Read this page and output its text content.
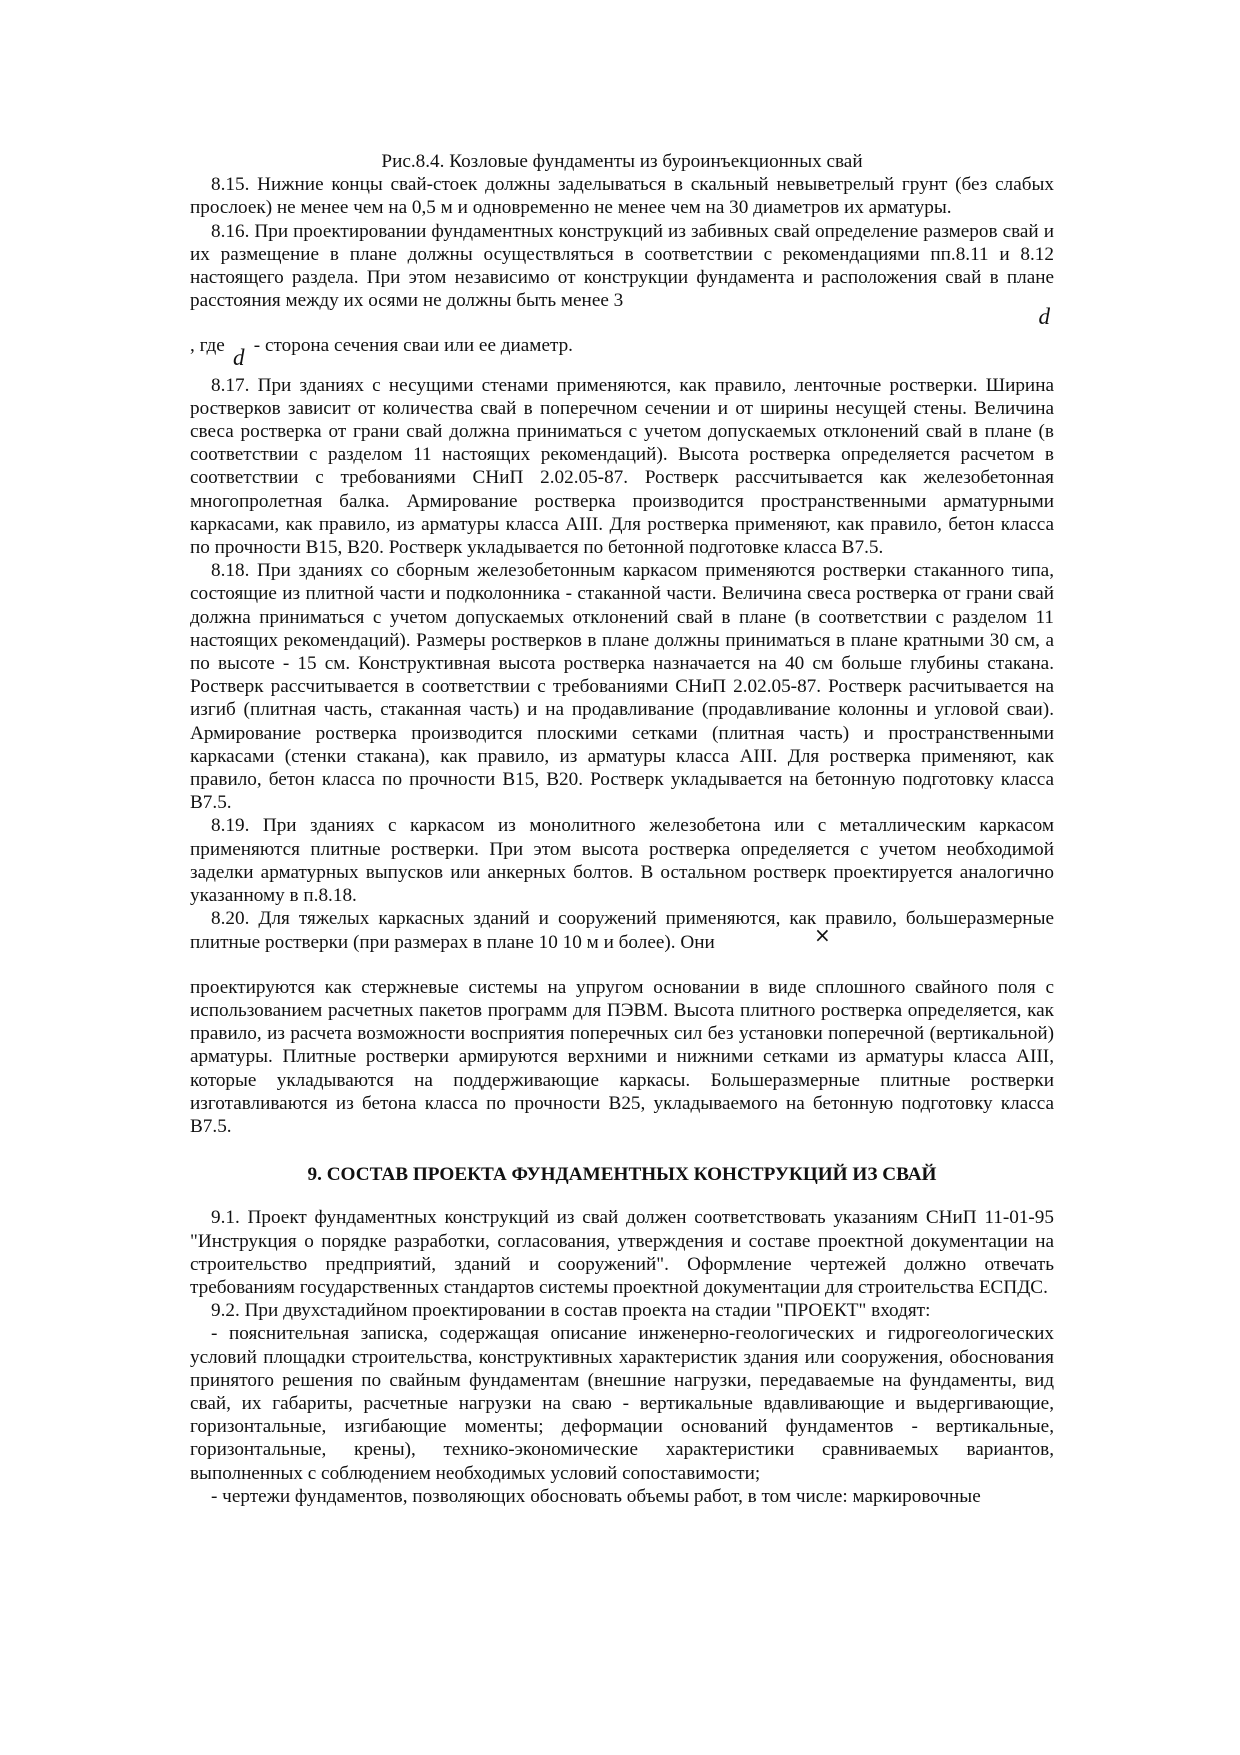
Рис.8.4. Козловые фундаменты из буроинъекционных свай

8.15. Нижние концы свай-стоек должны заделываться в скальный невыветрелый грунт (без слабых прослоек) не менее чем на 0,5 м и одновременно не менее чем на 30 диаметров их арматуры.

8.16. При проектировании фундаментных конструкций из забивных свай определение размеров свай и их размещение в плане должны осуществляться в соответствии с рекомендациями пп.8.11 и 8.12 настоящего раздела. При этом независимо от конструкции фундамента и расположения свай в плане расстояния между их осями не должны быть менее 3

d
, где - сторона сечения сваи или ее диаметр.
d

8.17. При зданиях с несущими стенами применяются, как правило, ленточные ростверки. Ширина ростверков зависит от количества свай в поперечном сечении и от ширины несущей стены. Величина свеса ростверка от грани свай должна приниматься с учетом допускаемых отклонений свай в плане (в соответствии с разделом 11 настоящих рекомендаций). Высота ростверка определяется расчетом в соответствии с требованиями СНиП 2.02.05-87. Ростверк рассчитывается как железобетонная многопролетная балка. Армирование ростверка производится пространственными арматурными каркасами, как правило, из арматуры класса АIII. Для ростверка применяют, как правило, бетон класса по прочности В15, В20. Ростверк укладывается по бетонной подготовке класса В7.5.

8.18. При зданиях со сборным железобетонным каркасом применяются ростверки стаканного типа, состоящие из плитной части и подколонника - стаканной части. Величина свеса ростверка от грани свай должна приниматься с учетом допускаемых отклонений свай в плане (в соответствии с разделом 11 настоящих рекомендаций). Размеры ростверков в плане должны приниматься в плане кратными 30 см, а по высоте - 15 см. Конструктивная высота ростверка назначается на 40 см больше глубины стакана. Ростверк рассчитывается в соответствии с требованиями СНиП 2.02.05-87. Ростверк расчитывается на изгиб (плитная часть, стаканная часть) и на продавливание (продавливание колонны и угловой сваи). Армирование ростверка производится плоскими сетками (плитная часть) и пространственными каркасами (стенки стакана), как правило, из арматуры класса АIII. Для ростверка применяют, как правило, бетон класса по прочности В15, В20. Ростверк укладывается на бетонную подготовку класса В7.5.

8.19. При зданиях с каркасом из монолитного железобетона или с металлическим каркасом применяются плитные ростверки. При этом высота ростверка определяется с учетом необходимой заделки арматурных выпусков или анкерных болтов. В остальном ростверк проектируется аналогично указанному в п.8.18.

8.20. Для тяжелых каркасных зданий и сооружений применяются, как правило, большеразмерные плитные ростверки (при размерах в плане 10 10 м и более). Они	×

проектируются как стержневые системы на упругом основании в виде сплошного свайного поля с использованием расчетных пакетов программ для ПЭВМ. Высота плитного ростверка определяется, как правило, из расчета возможности восприятия поперечных сил без установки поперечной (вертикальной) арматуры. Плитные ростверки армируются верхними и нижними сетками из арматуры класса АIII, которые укладываются на поддерживающие каркасы. Большеразмерные плитные ростверки изготавливаются из бетона класса по прочности В25, укладываемого на бетонную подготовку класса В7.5.

9. СОСТАВ ПРОЕКТА ФУНДАМЕНТНЫХ КОНСТРУКЦИЙ ИЗ СВАЙ

9.1. Проект фундаментных конструкций из свай должен соответствовать указаниям СНиП 11-01-95 "Инструкция о порядке разработки, согласования, утверждения и составе проектной документации на строительство предприятий, зданий и сооружений". Оформление чертежей должно отвечать требованиям государственных стандартов системы проектной документации для строительства ЕСПДС.

9.2. При двухстадийном проектировании в состав проекта на стадии "ПРОЕКТ" входят:

- пояснительная записка, содержащая описание инженерно-геологических и гидрогеологических условий площадки строительства, конструктивных характеристик здания или сооружения, обоснования принятого решения по свайным фундаментам (внешние нагрузки, передаваемые на фундаменты, вид свай, их габариты, расчетные нагрузки на сваю - вертикальные вдавливающие и выдергивающие, горизонтальные, изгибающие моменты; деформации оснований фундаментов - вертикальные, горизонтальные, крены), технико-экономические характеристики сравниваемых вариантов, выполненных с соблюдением необходимых условий сопоставимости;

- чертежи фундаментов, позволяющих обосновать объемы работ, в том числе: маркировочные
